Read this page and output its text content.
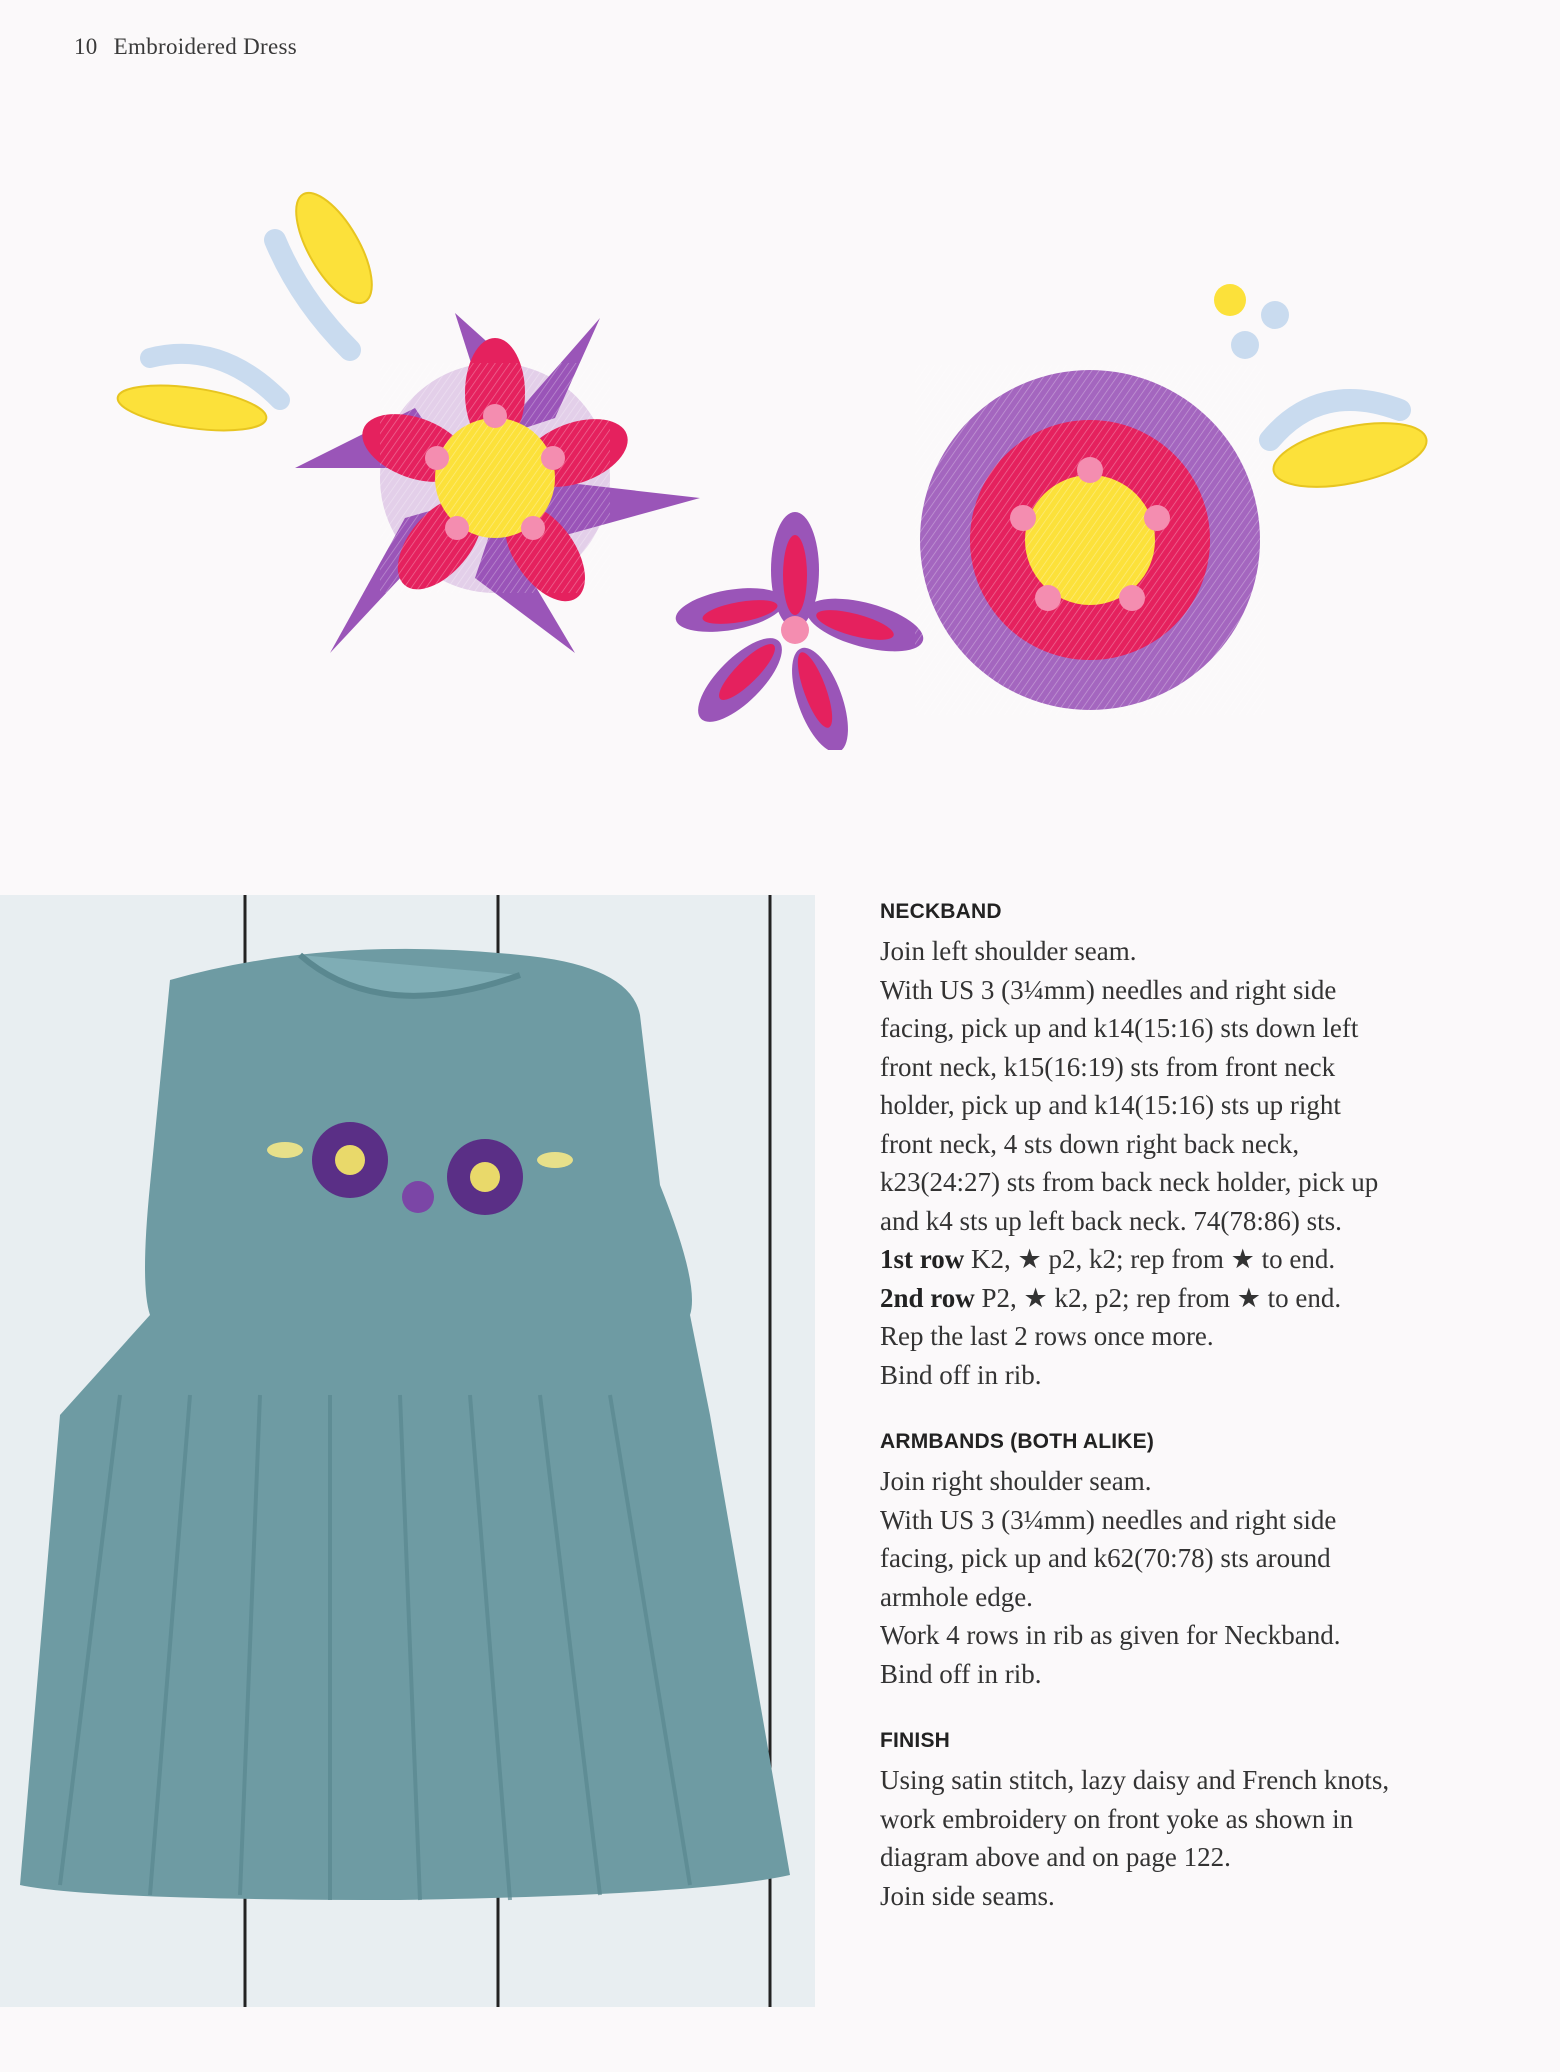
10 Embroidered Dress
NECKBAND
Join left shoulder seam.
With US 3 (3¼mm) needles and right side
facing, pick up and k14(15:16) sts down left
front neck, k15(16:19) sts from front neck
holder, pick up and k14(15:16) sts up right
front neck, 4 sts down right back neck,
k23(24:27) sts from back neck holder, pick up
and k4 sts up left back neck. 74(78:86) sts.
1st row K2, ★ p2, k2; rep from ★ to end.
2nd row P2, ★ k2, p2; rep from ★ to end.
Rep the last 2 rows once more.
Bind off in rib.
ARMBANDS (BOTH ALIKE)
Join right shoulder seam.
With US 3 (3¼mm) needles and right side
facing, pick up and k62(70:78) sts around
armhole edge.
Work 4 rows in rib as given for Neckband.
Bind off in rib.
FINISH
Using satin stitch, lazy daisy and French knots,
work embroidery on front yoke as shown in
diagram above and on page 122.
Join side seams.
